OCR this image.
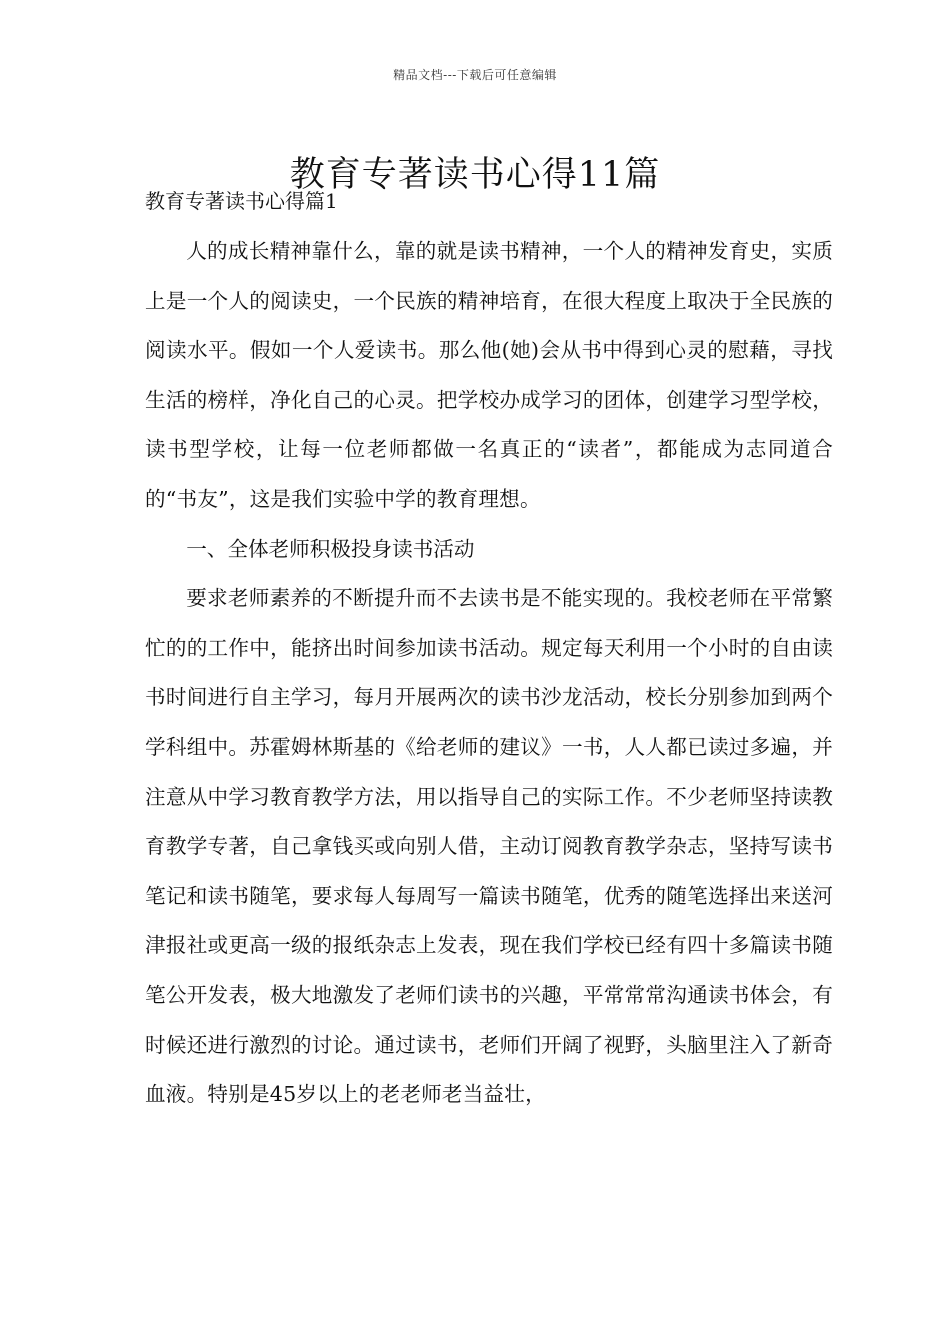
精品文档---下载后可任意编辑
教育专著读书心得11篇

教育专著读书心得篇1

人的成长精神靠什么，靠的就是读书精神，一个人的精神发育史，实质上是一个人的阅读史，一个民族的精神培育，在很大程度上取决于全民族的阅读水平。假如一个人爱读书。那么他(她)会从书中得到心灵的慰藉，寻找生活的榜样，净化自己的心灵。把学校办成学习的团体，创建学习型学校，读书型学校，让每一位老师都做一名真正的“读者”，都能成为志同道合的“书友”，这是我们实验中学的教育理想。

一、全体老师积极投身读书活动

要求老师素养的不断提升而不去读书是不能实现的。我校老师在平常繁忙的的工作中，能挤出时间参加读书活动。规定每天利用一个小时的自由读书时间进行自主学习，每月开展两次的读书沙龙活动，校长分别参加到两个学科组中。苏霍姆林斯基的《给老师的建议》一书，人人都已读过多遍，并注意从中学习教育教学方法，用以指导自己的实际工作。不少老师坚持读教育教学专著，自己拿钱买或向别人借，主动订阅教育教学杂志，坚持写读书笔记和读书随笔，要求每人每周写一篇读书随笔，优秀的随笔选择出来送河津报社或更高一级的报纸杂志上发表，现在我们学校已经有四十多篇读书随笔公开发表，极大地激发了老师们读书的兴趣，平常常常沟通读书体会，有时候还进行激烈的讨论。通过读书，老师们开阔了视野，头脑里注入了新奇血液。特别是45岁以上的老老师老当益壮，
